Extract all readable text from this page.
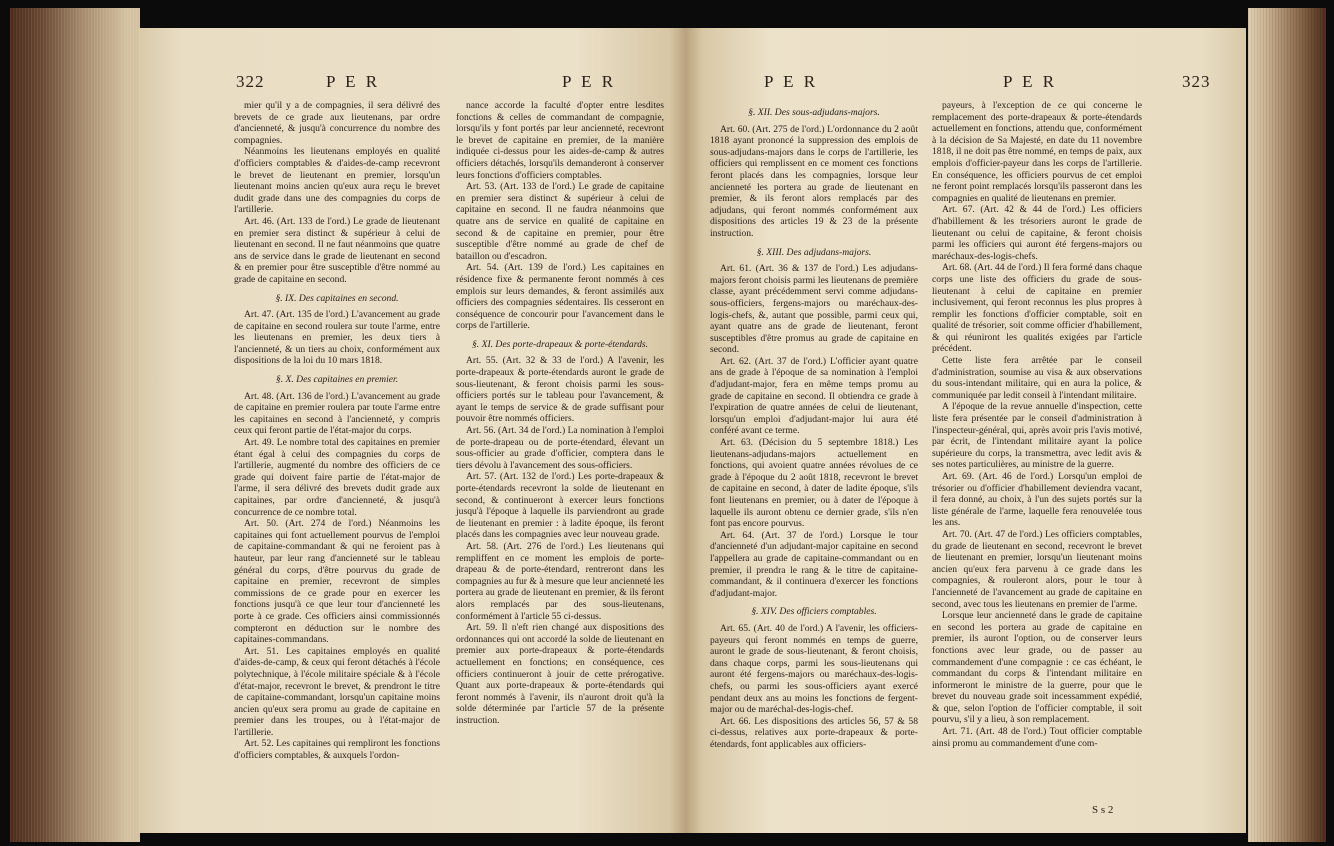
322	P E R	P E R

mier qu'il y a de compagnies, il sera délivré des brevets de ce grade aux lieutenans, par ordre d'ancienneté, & jusqu'à concurrence du nombre des compagnies.

Néanmoins les lieutenans employés en qualité d'officiers comptables & d'aides-de-camp recevront le brevet de lieutenant en premier, lorsqu'un lieutenant moins ancien qu'eux aura reçu le brevet dudit grade dans une des compagnies du corps de l'artillerie.

Art. 46. (Art. 133 de l'ord.) Le grade de lieutenant en premier sera distinct & supérieur à celui de lieutenant en second. Il ne faut néanmoins que quatre ans de service dans le grade de lieutenant en second & en premier pour être susceptible d'être nommé au grade de capitaine en second.

§. IX. Des capitaines en second.

Art. 47. (Art. 135 de l'ord.) L'avancement au grade de capitaine en second roulera sur toute l'arme, entre les lieutenans en premier, les deux tiers à l'ancienneté, & un tiers au choix, conformément aux dispositions de la loi du 10 mars 1818.

§. X. Des capitaines en premier.

Art. 48. (Art. 136 de l'ord.) L'avancement au grade de capitaine en premier roulera par toute l'arme entre les capitaines en second à l'ancienneté, y compris ceux qui feront partie de l'état-major du corps.

Art. 49. Le nombre total des capitaines en premier étant égal à celui des compagnies du corps de l'artillerie, augmenté du nombre des officiers de ce grade qui doivent faire partie de l'état-major de l'arme, il sera délivré des brevets dudit grade aux capitaines, par ordre d'ancienneté, & jusqu'à concurrence de ce nombre total.

Art. 50. (Art. 274 de l'ord.) Néanmoins les capitaines qui font actuellement pourvus de l'emploi de capitaine-commandant & qui ne feroient pas à hauteur, par leur rang d'ancienneté sur le tableau général du corps, d'être pourvus du grade de capitaine en premier, recevront de simples commissions de ce grade pour en exercer les fonctions jusqu'à ce que leur tour d'ancienneté les porte à ce grade. Ces officiers ainsi commissionnés compteront en déduction sur le nombre des capitaines-commandans.

Art. 51. Les capitaines employés en qualité d'aides-de-camp, & ceux qui feront détachés à l'école polytechnique, à l'école militaire spéciale & à l'école d'état-major, recevront le brevet, & prendront le titre de capitaine-commandant, lorsqu'un capitaine moins ancien qu'eux sera promu au grade de capitaine en premier dans les troupes, ou à l'état-major de l'artillerie.

Art. 52. Les capitaines qui rempliront les fonctions d'officiers comptables, & auxquels l'ordon-

nance accorde la faculté d'opter entre lesdites fonctions & celles de commandant de compagnie, lorsqu'ils y font portés par leur ancienneté, recevront le brevet de capitaine en premier, de la manière indiquée ci-dessus pour les aides-de-camp & autres officiers détachés, lorsqu'ils demanderont à conserver leurs fonctions d'officiers comptables.

Art. 53. (Art. 133 de l'ord.) Le grade de capitaine en premier sera distinct & supérieur à celui de capitaine en second. Il ne faudra néanmoins que quatre ans de service en qualité de capitaine en second & de capitaine en premier, pour être susceptible d'être nommé au grade de chef de bataillon ou d'escadron.

Art. 54. (Art. 139 de l'ord.) Les capitaines en résidence fixe & permanente feront nommés à ces emplois sur leurs demandes, & feront assimilés aux officiers des compagnies sédentaires. Ils cesseront en conséquence de concourir pour l'avancement dans le corps de l'artillerie.

§. XI. Des porte-drapeaux & porte-étendards.

Art. 55. (Art. 32 & 33 de l'ord.) A l'avenir, les porte-drapeaux & porte-étendards auront le grade de sous-lieutenant, & feront choisis parmi les sous-officiers portés sur le tableau pour l'avancement, & ayant le temps de service & de grade suffisant pour pouvoir être nommés officiers.

Art. 56. (Art. 34 de l'ord.) La nomination à l'emploi de porte-drapeau ou de porte-étendard, élevant un sous-officier au grade d'officier, comptera dans le tiers dévolu à l'avancement des sous-officiers.

Art. 57. (Art. 132 de l'ord.) Les porte-drapeaux & porte-étendards recevront la solde de lieutenant en second, & continueront à exercer leurs fonctions jusqu'à l'époque à laquelle ils parviendront au grade de lieutenant en premier : à ladite époque, ils feront placés dans les compagnies avec leur nouveau grade.

Art. 58. (Art. 276 de l'ord.) Les lieutenans qui rempliffent en ce moment les emplois de porte-drapeau & de porte-étendard, rentreront dans les compagnies au fur & à mesure que leur ancienneté les portera au grade de lieutenant en premier, & ils feront alors remplacés par des sous-lieutenans, conformément à l'article 55 ci-dessus.

Art. 59. Il n'eft rien changé aux dispositions des ordonnances qui ont accordé la solde de lieutenant en premier aux porte-drapeaux & porte-étendards actuellement en fonctions; en conséquence, ces officiers continueront à jouir de cette prérogative. Quant aux porte-drapeaux & porte-étendards qui feront nommés à l'avenir, ils n'auront droit qu'à la solde déterminée par l'article 57 de la présente instruction.

P E R	P E R	323

§. XII. Des sous-adjudans-majors.

Art. 60. (Art. 275 de l'ord.) L'ordonnance du 2 août 1818 ayant prononcé la suppression des emplois de sous-adjudans-majors dans le corps de l'artillerie, les officiers qui remplissent en ce moment ces fonctions feront placés dans les compagnies, lorsque leur ancienneté les portera au grade de lieutenant en premier, & ils feront alors remplacés par des adjudans, qui feront nommés conformément aux dispositions des articles 19 & 23 de la présente instruction.

§. XIII. Des adjudans-majors.

Art. 61. (Art. 36 & 137 de l'ord.) Les adjudans-majors feront choisis parmi les lieutenans de première classe, ayant précédemment servi comme adjudans-sous-officiers, fergens-majors ou maréchaux-des-logis-chefs, &, autant que possible, parmi ceux qui, ayant quatre ans de grade de lieutenant, feront susceptibles d'être promus au grade de capitaine en second.

Art. 62. (Art. 37 de l'ord.) L'officier ayant quatre ans de grade à l'époque de sa nomination à l'emploi d'adjudant-major, fera en même temps promu au grade de capitaine en second. Il obtiendra ce grade à l'expiration de quatre années de celui de lieutenant, lorsqu'un emploi d'adjudant-major lui aura été conféré avant ce terme.

Art. 63. (Décision du 5 septembre 1818.) Les lieutenans-adjudans-majors actuellement en fonctions, qui avoient quatre années révolues de ce grade à l'époque du 2 août 1818, recevront le brevet de capitaine en second, à dater de ladite époque, s'ils font lieutenans en premier, ou à dater de l'époque à laquelle ils auront obtenu ce dernier grade, s'ils n'en font pas encore pourvus.

Art. 64. (Art. 37 de l'ord.) Lorsque le tour d'ancienneté d'un adjudant-major capitaine en second l'appellera au grade de capitaine-commandant ou en premier, il prendra le rang & le titre de capitaine-commandant, & il continuera d'exercer les fonctions d'adjudant-major.

§. XIV. Des officiers comptables.

Art. 65. (Art. 40 de l'ord.) A l'avenir, les officiers-payeurs qui feront nommés en temps de guerre, auront le grade de sous-lieutenant, & feront choisis, dans chaque corps, parmi les sous-lieutenans qui auront été fergens-majors ou maréchaux-des-logis-chefs, ou parmi les sous-officiers ayant exercé pendant deux ans au moins les fonctions de fergent-major ou de maréchal-des-logis-chef.

Art. 66. Les dispositions des articles 56, 57 & 58 ci-dessus, relatives aux porte-drapeaux & porte-étendards, font applicables aux officiers-

payeurs, à l'exception de ce qui concerne le remplacement des porte-drapeaux & porte-étendards actuellement en fonctions, attendu que, conformément à la décision de Sa Majesté, en date du 11 novembre 1818, il ne doit pas être nommé, en temps de paix, aux emplois d'officier-payeur dans les corps de l'artillerie. En conséquence, les officiers pourvus de cet emploi ne feront point remplacés lorsqu'ils passeront dans les compagnies en qualité de lieutenans en premier.

Art. 67. (Art. 42 & 44 de l'ord.) Les officiers d'habillement & les trésoriers auront le grade de lieutenant ou celui de capitaine, & feront choisis parmi les officiers qui auront été fergens-majors ou maréchaux-des-logis-chefs.

Art. 68. (Art. 44 de l'ord.) Il fera formé dans chaque corps une liste des officiers du grade de sous-lieutenant à celui de capitaine en premier inclusivement, qui feront reconnus les plus propres à remplir les fonctions d'officier comptable, soit en qualité de trésorier, soit comme officier d'habillement, & qui réuniront les qualités exigées par l'article précédent.

Cette liste fera arrêtée par le conseil d'administration, soumise au visa & aux observations du sous-intendant militaire, qui en aura la police, & communiquée par ledit conseil à l'intendant militaire.

A l'époque de la revue annuelle d'inspection, cette liste fera présentée par le conseil d'administration à l'inspecteur-général, qui, après avoir pris l'avis motivé, par écrit, de l'intendant militaire ayant la police supérieure du corps, la transmettra, avec ledit avis & ses notes particulières, au ministre de la guerre.

Art. 69. (Art. 46 de l'ord.) Lorsqu'un emploi de trésorier ou d'officier d'habillement deviendra vacant, il fera donné, au choix, à l'un des sujets portés sur la liste générale de l'arme, laquelle fera renouvelée tous les ans.

Art. 70. (Art. 47 de l'ord.) Les officiers comptables, du grade de lieutenant en second, recevront le brevet de lieutenant en premier, lorsqu'un lieutenant moins ancien qu'eux fera parvenu à ce grade dans les compagnies, & rouleront alors, pour le tour à l'ancienneté de l'avancement au grade de capitaine en second, avec tous les lieutenans en premier de l'arme.

Lorsque leur ancienneté dans le grade de capitaine en second les portera au grade de capitaine en premier, ils auront l'option, ou de conserver leurs fonctions avec leur grade, ou de passer au commandement d'une compagnie : ce cas échéant, le commandant du corps & l'intendant militaire en informeront le ministre de la guerre, pour que le brevet du nouveau grade soit incessamment expédié, & que, selon l'option de l'officier comptable, il soit pourvu, s'il y a lieu, à son remplacement.

Art. 71. (Art. 48 de l'ord.) Tout officier comptable ainsi promu au commandement d'une com-

S s 2
